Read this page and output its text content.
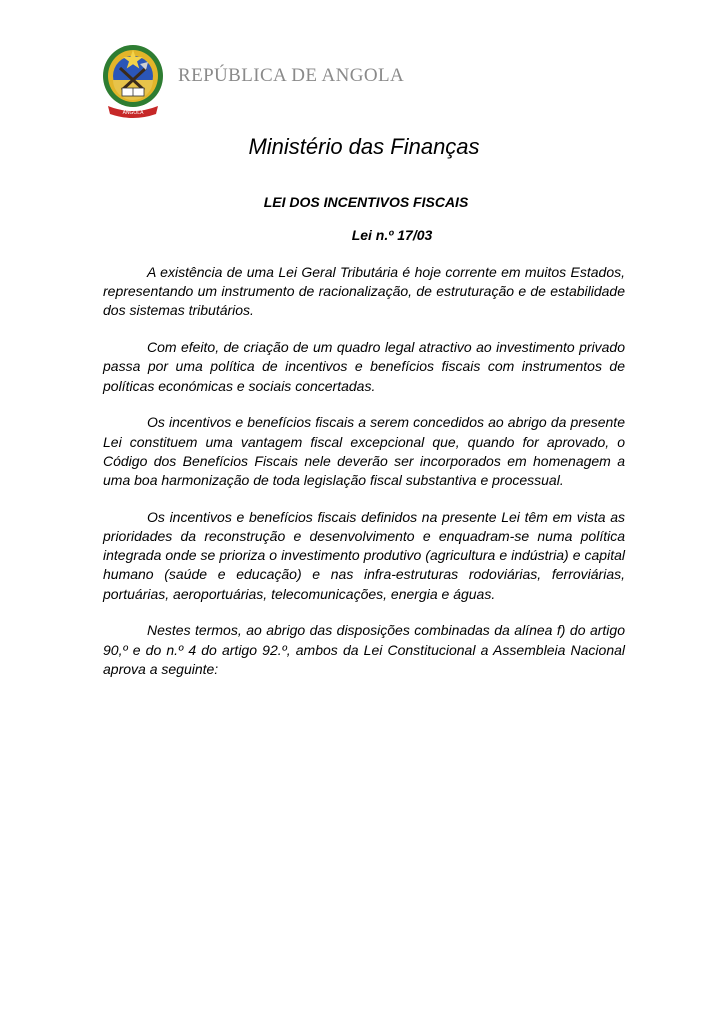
ANGOLA
REPÚBLICA DE ANGOLA
Ministério das Finanças
LEI DOS INCENTIVOS FISCAIS
Lei n.º 17/03

A existência de uma Lei Geral Tributária é hoje corrente em muitos Estados, representando um instrumento de racionalização, de estruturação e de estabilidade dos sistemas tributários.

Com efeito, de criação de um quadro legal atractivo ao investimento privado passa por uma política de incentivos e benefícios fiscais com instrumentos de políticas económicas e sociais concertadas.

Os incentivos e benefícios fiscais a serem concedidos ao abrigo da presente Lei constituem uma vantagem fiscal excepcional que, quando for aprovado, o Código dos Benefícios Fiscais nele deverão ser incorporados em homenagem a uma boa harmonização de toda legislação fiscal substantiva e processual.

Os incentivos e benefícios fiscais definidos na presente Lei têm em vista as prioridades da reconstrução e desenvolvimento e enquadram-se numa política integrada onde se prioriza o investimento produtivo (agricultura e indústria) e capital humano (saúde e educação) e nas infra-estruturas rodoviárias, ferroviárias, portuárias, aeroportuárias, telecomunicações, energia e águas.

Nestes termos, ao abrigo das disposições combinadas da alínea f) do artigo 90,º e do n.º 4 do artigo 92.º, ambos da Lei Constitucional a Assembleia Nacional aprova a seguinte:
